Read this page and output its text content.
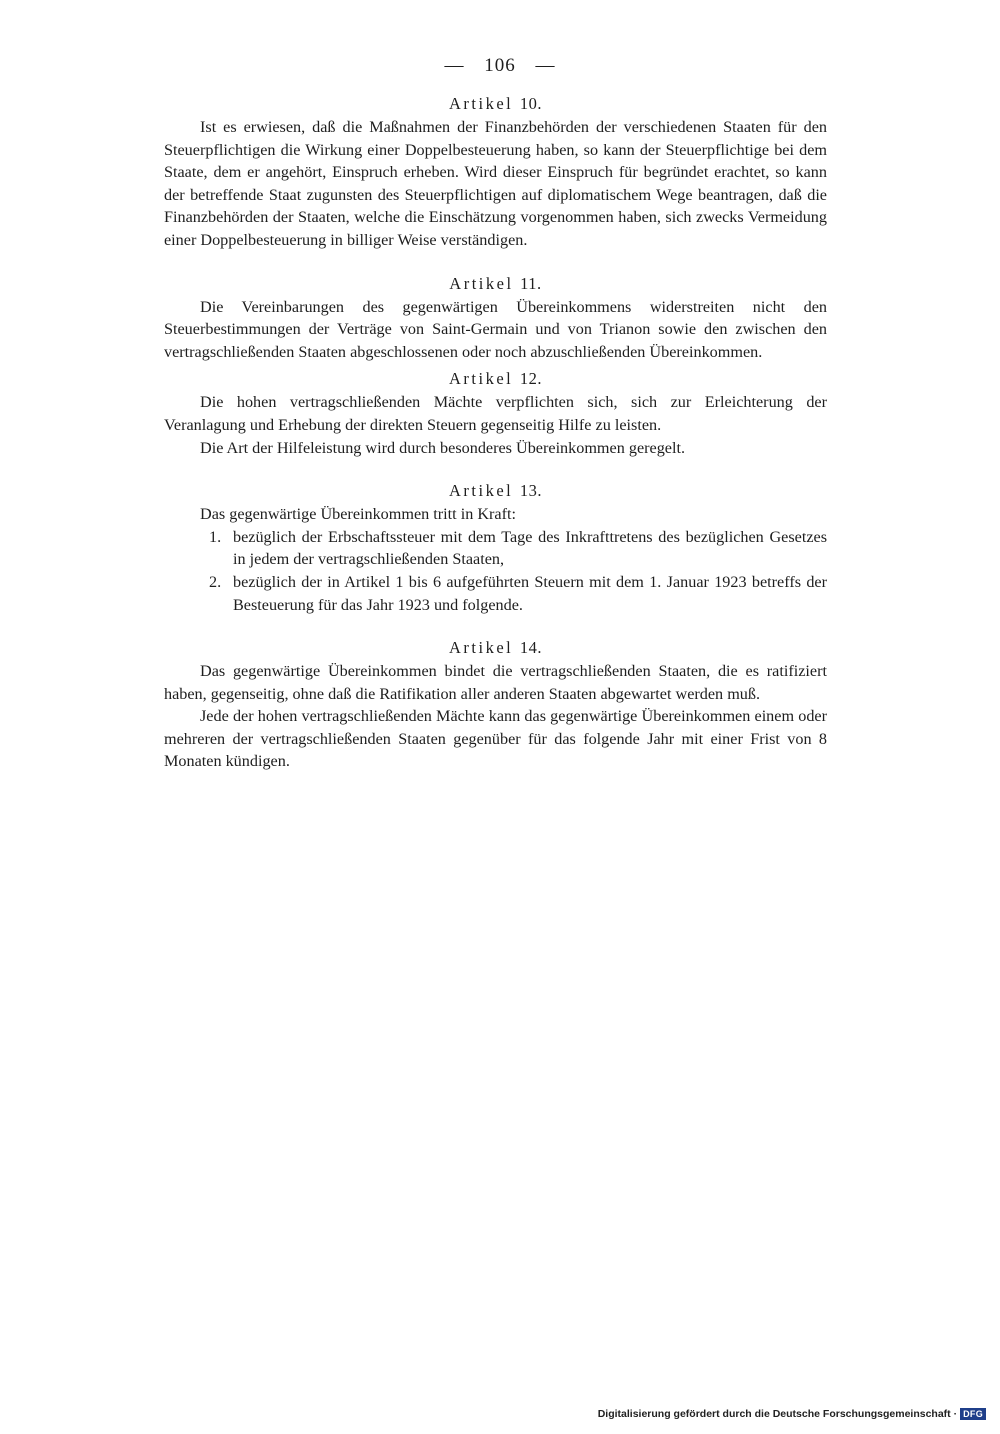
— 106 —

Artikel 10.

Ist es erwiesen, daß die Maßnahmen der Finanzbehörden der verschiedenen Staaten für den Steuerpflichtigen die Wirkung einer Doppelbesteuerung haben, so kann der Steuerpflichtige bei dem Staate, dem er angehört, Einspruch erheben. Wird dieser Einspruch für begründet erachtet, so kann der betreffende Staat zugunsten des Steuerpflichtigen auf diplomatischem Wege beantragen, daß die Finanzbehörden der Staaten, welche die Einschätzung vorgenommen haben, sich zwecks Vermeidung einer Doppelbesteuerung in billiger Weise verständigen.

Artikel 11.

Die Vereinbarungen des gegenwärtigen Übereinkommens widerstreiten nicht den Steuerbestimmungen der Verträge von Saint-Germain und von Trianon sowie den zwischen den vertragschließenden Staaten abgeschlossenen oder noch abzuschließenden Übereinkommen.

Artikel 12.

Die hohen vertragschließenden Mächte verpflichten sich, sich zur Erleichterung der Veranlagung und Erhebung der direkten Steuern gegenseitig Hilfe zu leisten.

Die Art der Hilfeleistung wird durch besonderes Übereinkommen geregelt.

Artikel 13.

Das gegenwärtige Übereinkommen tritt in Kraft:

1. bezüglich der Erbschaftssteuer mit dem Tage des Inkrafttretens des bezüglichen Gesetzes in jedem der vertragschließenden Staaten,

2. bezüglich der in Artikel 1 bis 6 aufgeführten Steuern mit dem 1. Januar 1923 betreffs der Besteuerung für das Jahr 1923 und folgende.

Artikel 14.

Das gegenwärtige Übereinkommen bindet die vertragschließenden Staaten, die es ratifiziert haben, gegenseitig, ohne daß die Ratifikation aller anderen Staaten abgewartet werden muß.

Jede der hohen vertragschließenden Mächte kann das gegenwärtige Übereinkommen einem oder mehreren der vertragschließenden Staaten gegenüber für das folgende Jahr mit einer Frist von 8 Monaten kündigen.

Digitalisierung gefördert durch die Deutsche Forschungsgemeinschaft · DFG
